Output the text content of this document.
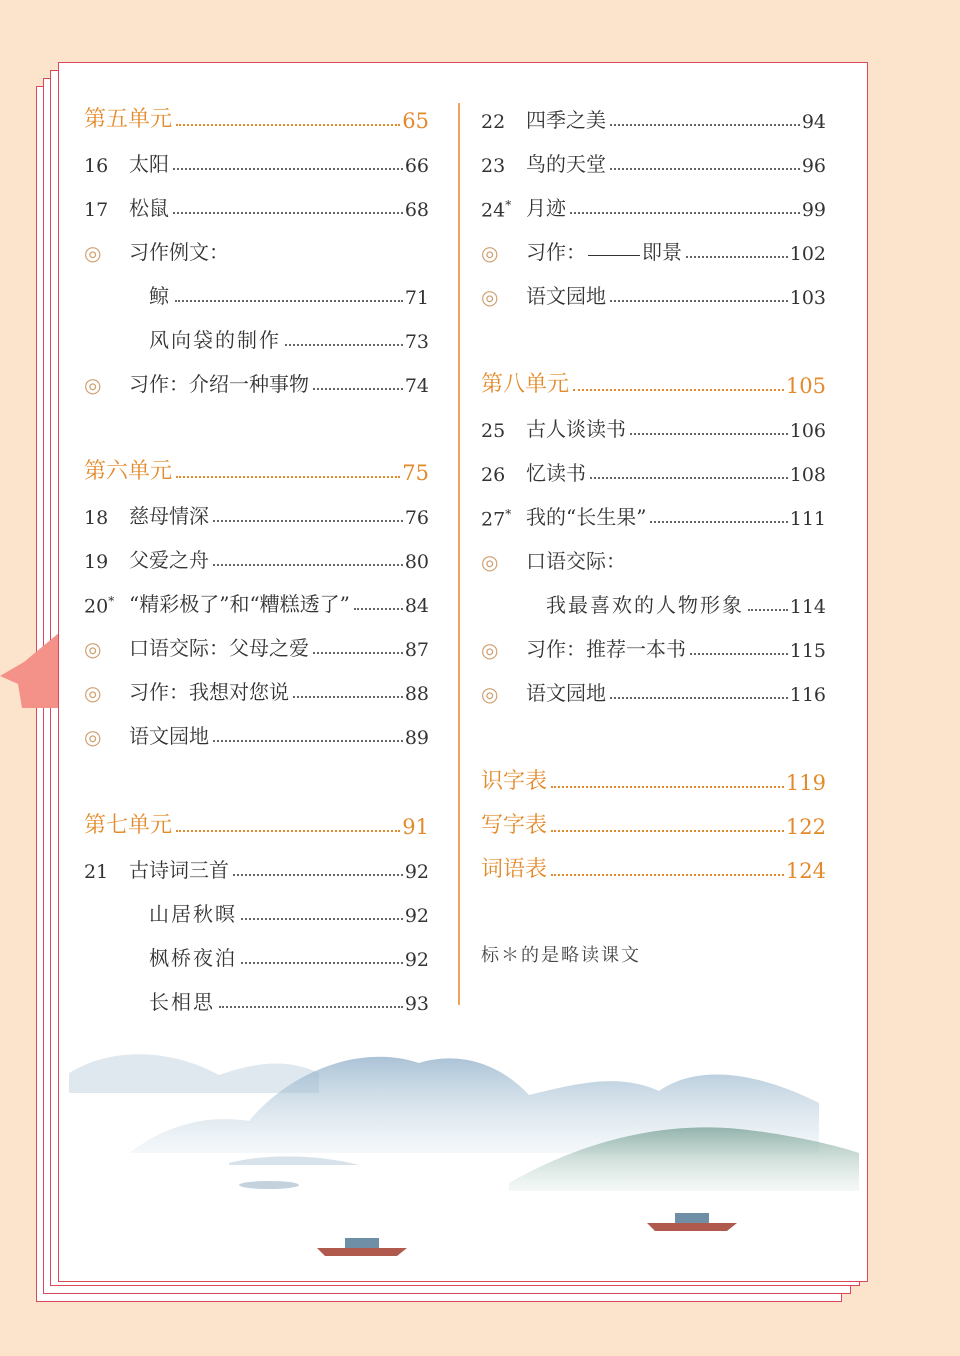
第五单元	65
16	太阳	66
17	松鼠	68
◎	习作例文：
鲸	71
风向袋的制作	73
◎	习作：介绍一种事物	74
第六单元	75
18	慈母情深	76
19	父爱之舟	80
20* “精彩极了”和“糟糕透了”	84
◎	口语交际：父母之爱	87
◎	习作：我想对您说	88
◎	语文园地	89
第七单元	91
21	古诗词三首	92
山居秋暝	92
枫桥夜泊	92
长相思	93
22	四季之美	94
23	鸟的天堂	96
24* 月迹	99
◎	习作：	即景	102
◎	语文园地	103
第八单元	105
25	古人谈读书	106
26	忆读书	108
27* 我的“长生果”	111
◎	口语交际：
我最喜欢的人物形象 114
◎	习作：推荐一本书	115
◎	语文园地	116
识字表	119
写字表	122
词语表	124
标＊的是略读课文
